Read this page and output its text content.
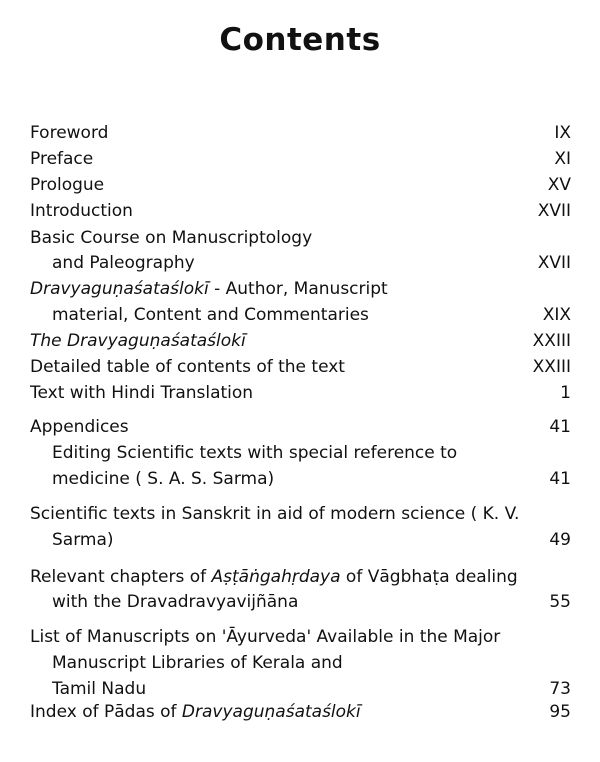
Contents
Foreword	IX
Preface	XI
Prologue	XV
Introduction	XVII
Basic Course on Manuscriptology
and Paleography	XVII
Dravyaguṇaśataślokī - Author, Manuscript
material, Content and Commentaries	XIX
The Dravyaguṇaśataślokī	XXIII
Detailed table of contents of the text	XXIII
Text with Hindi Translation	1
Appendices	41
Editing Scientific texts with special reference to
medicine ( S. A. S. Sarma)	41
Scientific texts in Sanskrit in aid of modern science ( K. V.
Sarma)	49
Relevant chapters of Aṣṭāṅgahṛdaya of Vāgbhaṭa dealing
with the Dravadravyavijñāna	55
List of Manuscripts on 'Āyurveda' Available in the Major
Manuscript Libraries of Kerala and
Tamil Nadu	73
Index of Pādas of Dravyaguṇaśataślokī	95
